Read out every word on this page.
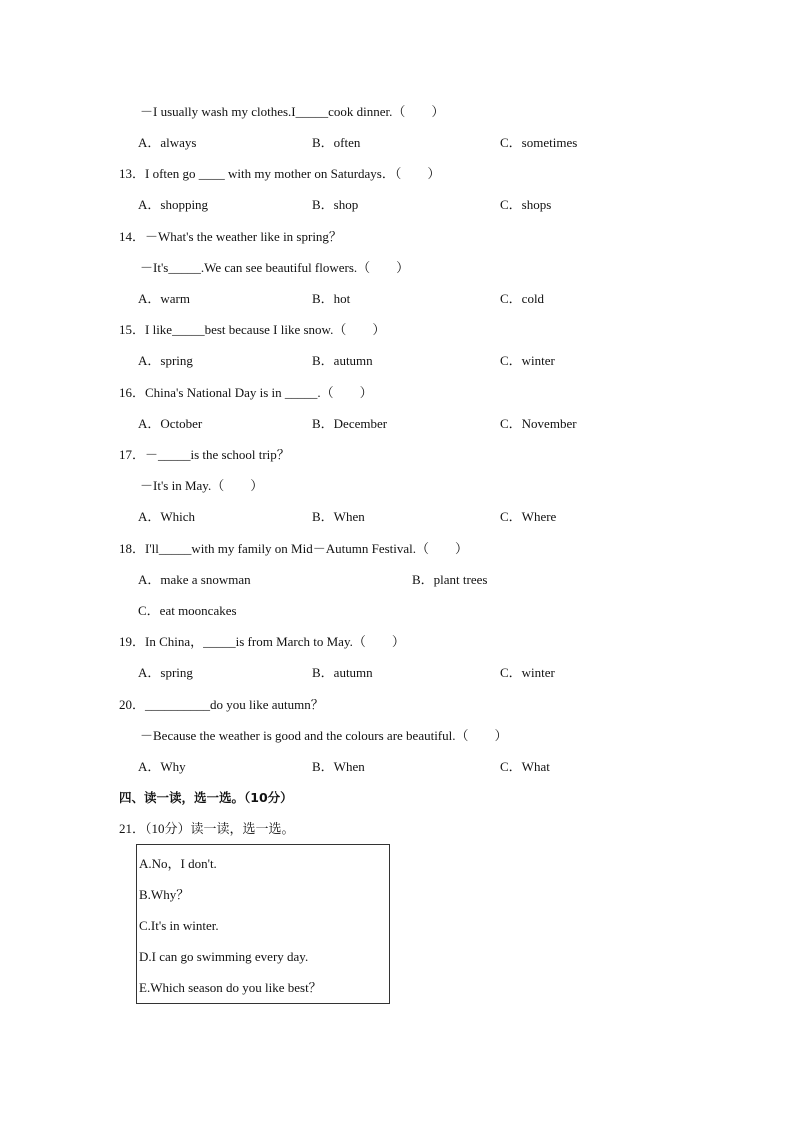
－I usually wash my clothes.I_____cook dinner.（　　）
A．always	B．often	C．sometimes
13．I often go ____ with my mother on Saturdays．（　　）
A．shopping	B．shop	C．shops
14．－What's the weather like in spring？
－It's_____.We can see beautiful flowers.（　　）
A．warm	B．hot	C．cold
15．I like_____best because I like snow.（　　）
A．spring	B．autumn	C．winter
16．China's National Day is in _____.（　　）
A．October	B．December	C．November
17．－_____is the school trip？
－It's in May.（　　）
A．Which	B．When	C．Where
18．I'll_____with my family on Mid－Autumn Festival.（　　）
A．make a snowman	B．plant trees
C．eat mooncakes
19．In China，_____is from March to May.（　　）
A．spring	B．autumn	C．winter
20．__________do you like autumn？
－Because the weather is good and the colours are beautiful.（　　）
A．Why	B．When	C．What
四、读一读，选一选。（10分）
21．（10分）读一读，选一选。
A.No，I don't.
B.Why？
C.It's in winter.
D.I can go swimming every day.
E.Which season do you like best？
